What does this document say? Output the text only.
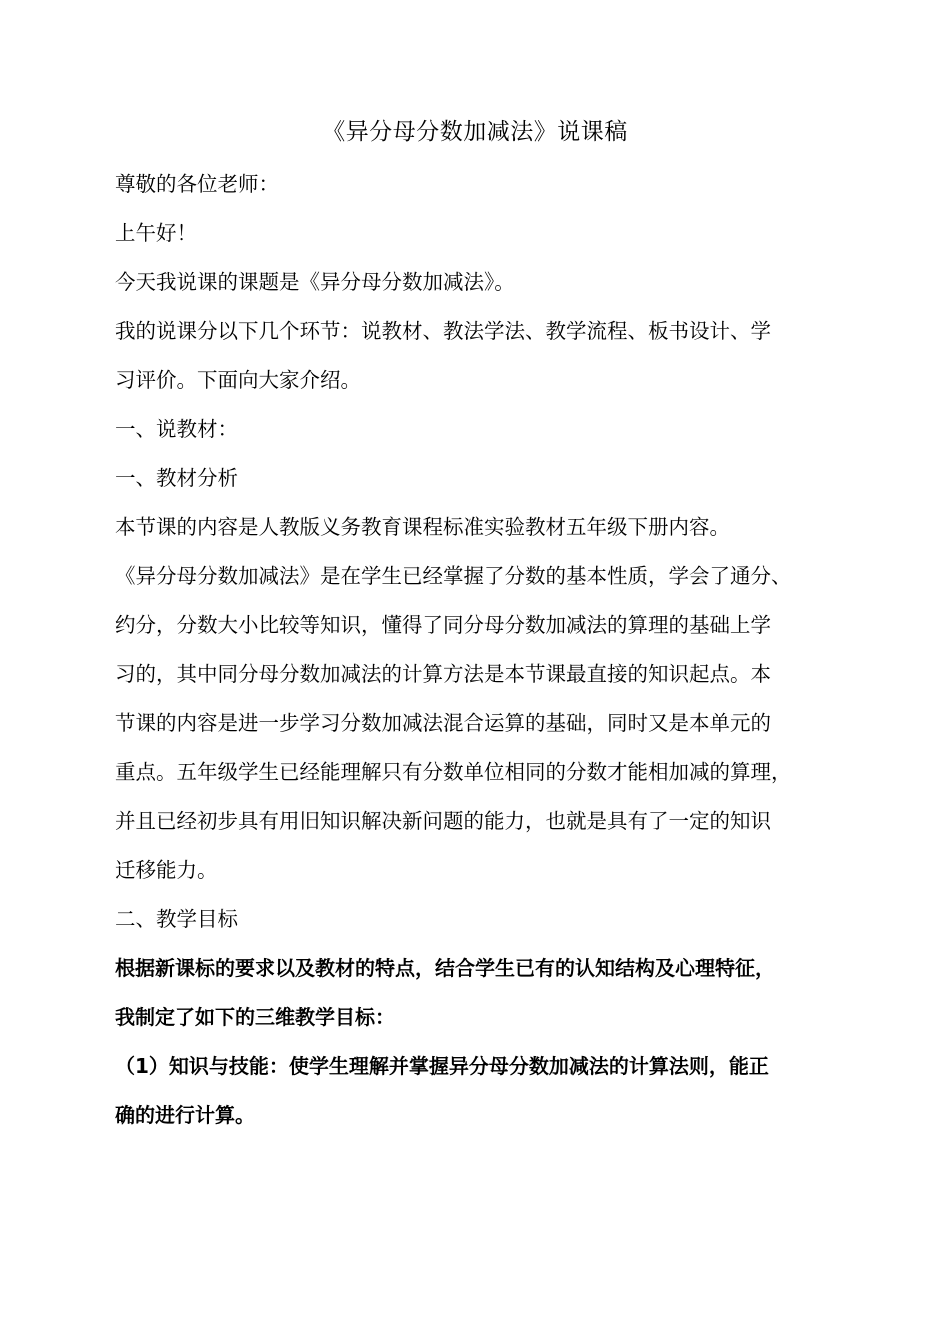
《异分母分数加减法》说课稿
尊敬的各位老师：
上午好！
今天我说课的课题是《异分母分数加减法》。
我的说课分以下几个环节：说教材、教法学法、教学流程、板书设计、学
习评价。下面向大家介绍。
一、说教材：
一、教材分析
本节课的内容是人教版义务教育课程标准实验教材五年级下册内容。
《异分母分数加减法》是在学生已经掌握了分数的基本性质，学会了通分、
约分，分数大小比较等知识，懂得了同分母分数加减法的算理的基础上学
习的，其中同分母分数加减法的计算方法是本节课最直接的知识起点。本
节课的内容是进一步学习分数加减法混合运算的基础，同时又是本单元的
重点。五年级学生已经能理解只有分数单位相同的分数才能相加减的算理，
并且已经初步具有用旧知识解决新问题的能力，也就是具有了一定的知识
迁移能力。
二、教学目标
根据新课标的要求以及教材的特点，结合学生已有的认知结构及心理特征，
我制定了如下的三维教学目标：
（1）知识与技能：使学生理解并掌握异分母分数加减法的计算法则，能正
确的进行计算。
